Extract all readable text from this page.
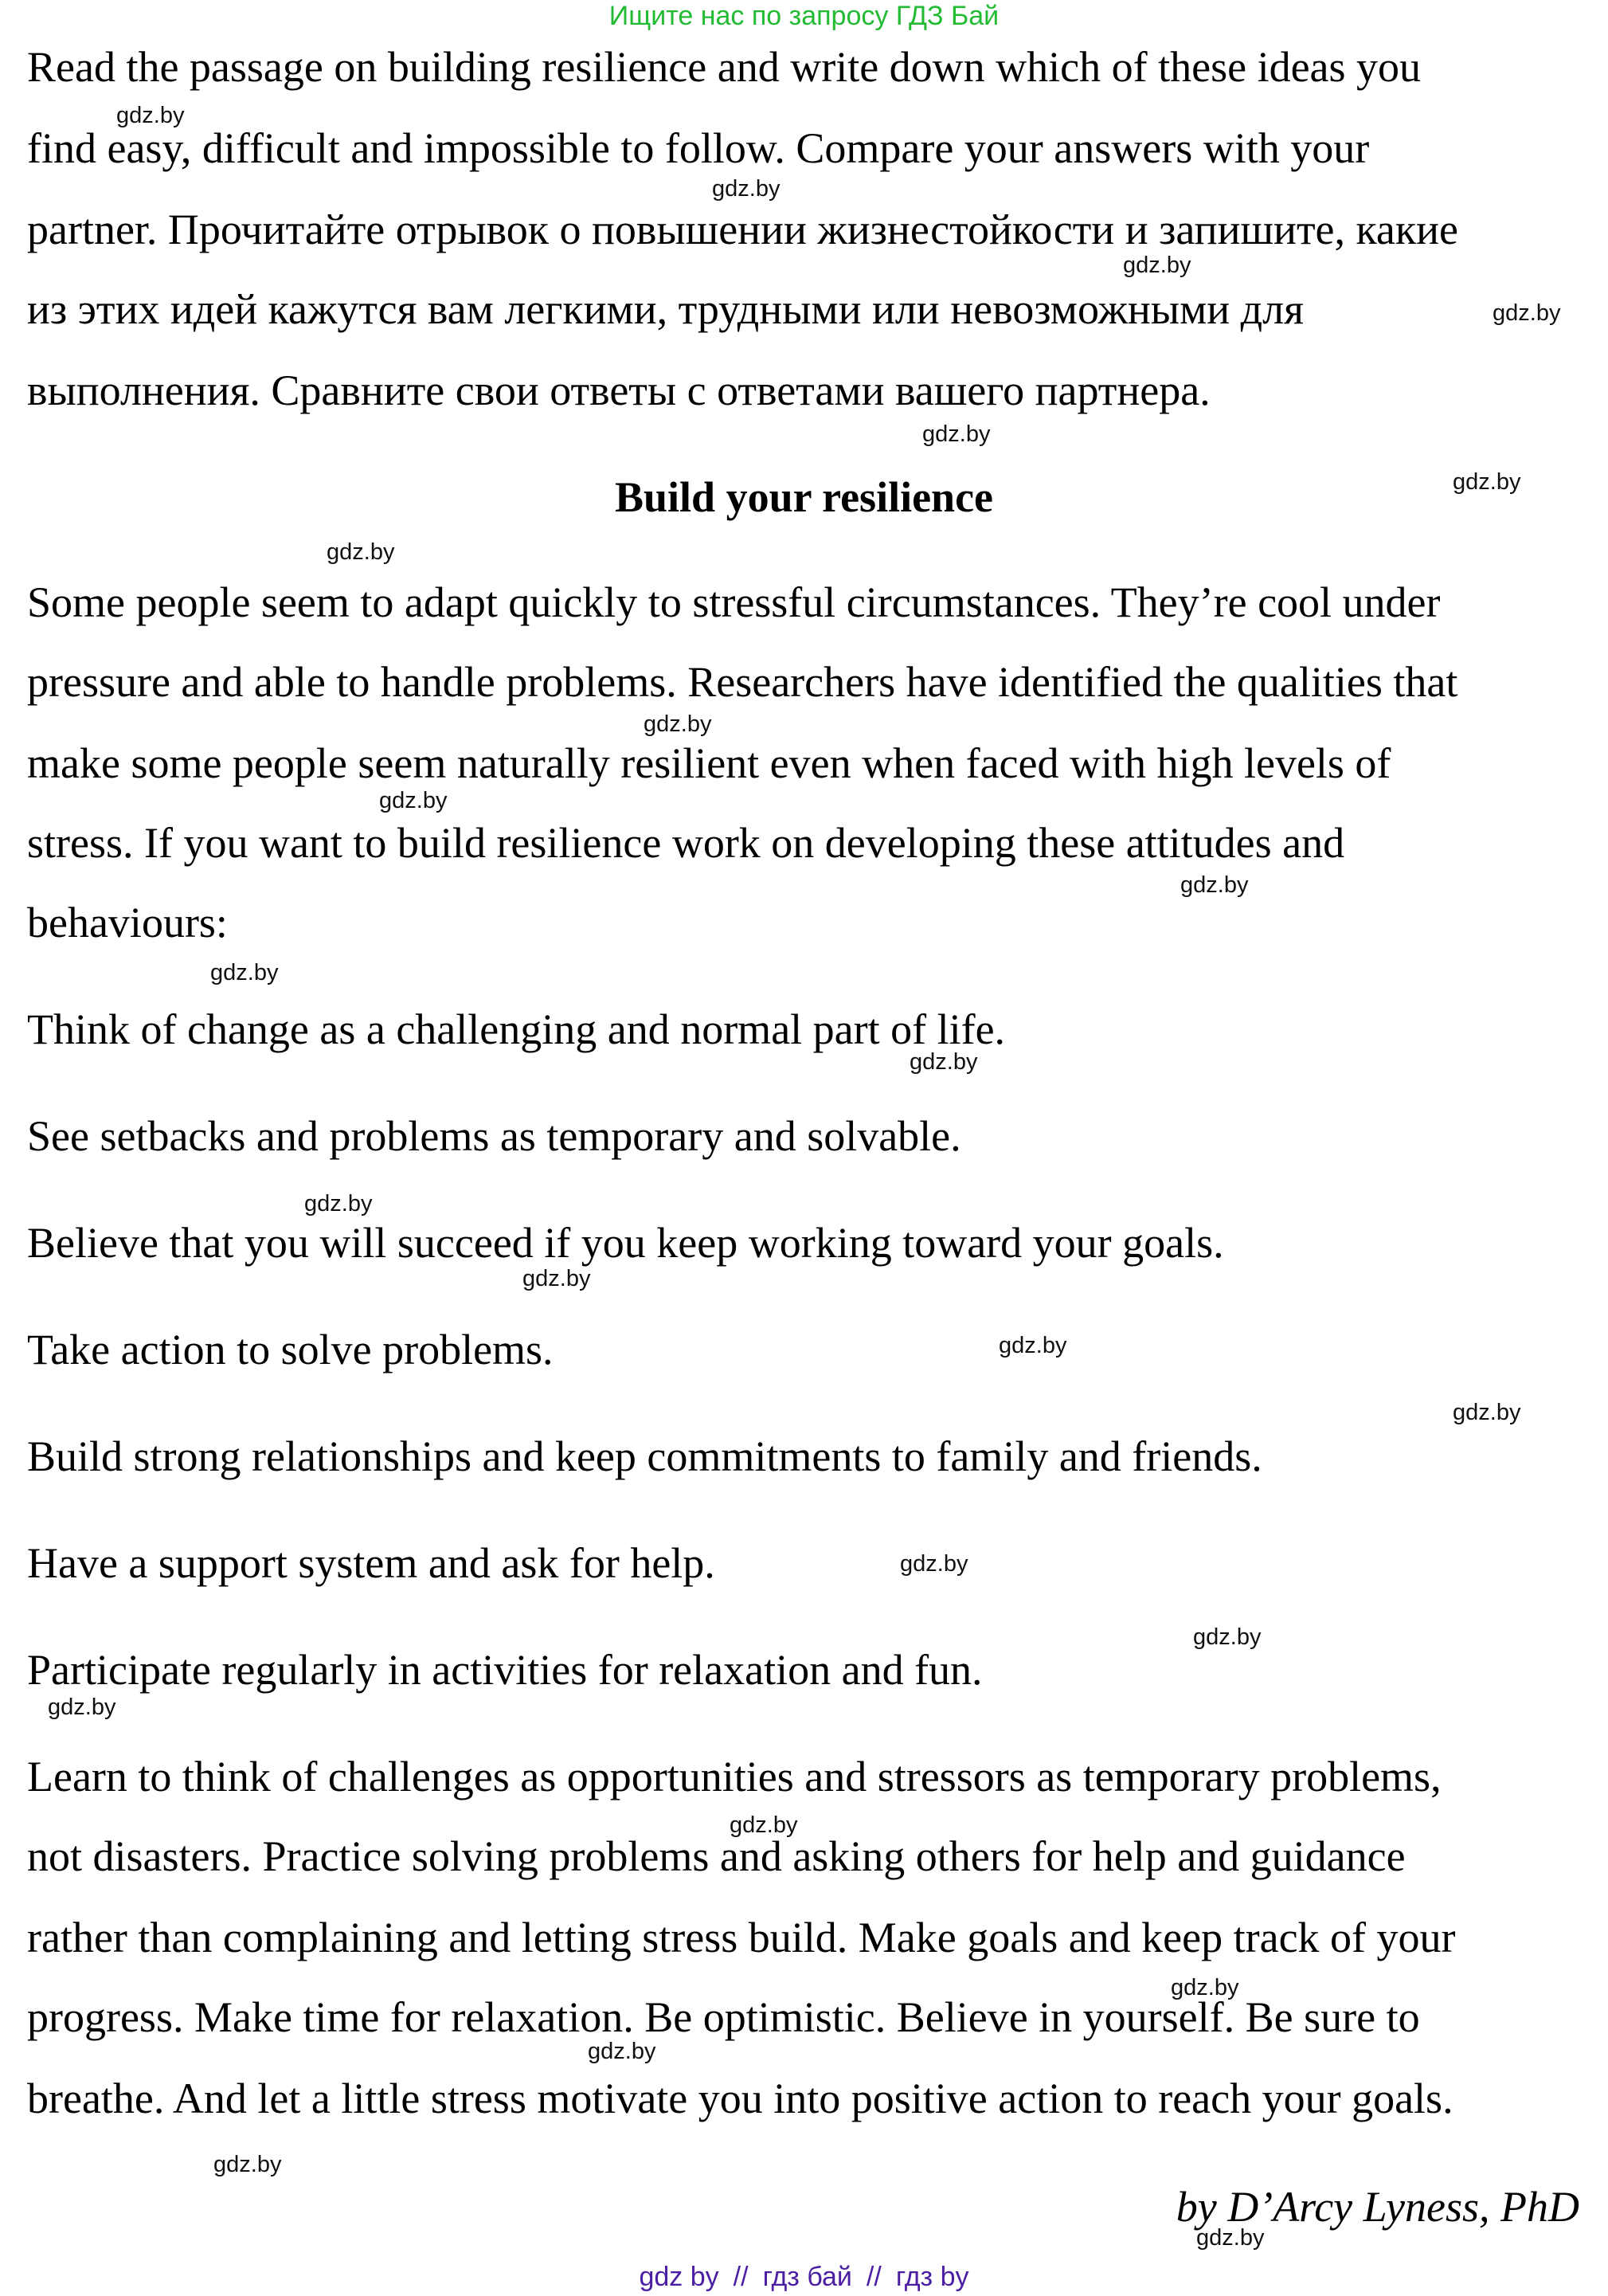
Ищите нас по запросу ГДЗ Бай
Read the passage on building resilience and write down which of these ideas you
find easy, difficult and impossible to follow. Compare your answers with your
partner. Прочитайте отрывок о повышении жизнестойкости и запишите, какие
из этих идей кажутся вам легкими, трудными или невозможными для
выполнения. Сравните свои ответы с ответами вашего партнера.
Build your resilience
Some people seem to adapt quickly to stressful circumstances. They’re cool under
pressure and able to handle problems. Researchers have identified the qualities that
make some people seem naturally resilient even when faced with high levels of
stress. If you want to build resilience work on developing these attitudes and
behaviours:
Think of change as a challenging and normal part of life.
See setbacks and problems as temporary and solvable.
Believe that you will succeed if you keep working toward your goals.
Take action to solve problems.
Build strong relationships and keep commitments to family and friends.
Have a support system and ask for help.
Participate regularly in activities for relaxation and fun.
Learn to think of challenges as opportunities and stressors as temporary problems,
not disasters. Practice solving problems and asking others for help and guidance
rather than complaining and letting stress build. Make goals and keep track of your
progress. Make time for relaxation. Be optimistic. Believe in yourself. Be sure to
breathe. And let a little stress motivate you into positive action to reach your goals.
by D’Arcy Lyness, PhD
gdz.by
gdz.by
gdz.by
gdz.by
gdz.by
gdz.by
gdz.by
gdz.by
gdz.by
gdz.by
gdz.by
gdz.by
gdz.by
gdz.by
gdz.by
gdz.by
gdz.by
gdz.by
gdz.by
gdz.by
gdz.by
gdz.by
gdz.by
gdz.by
gdz by // гдз бай // гдз by
